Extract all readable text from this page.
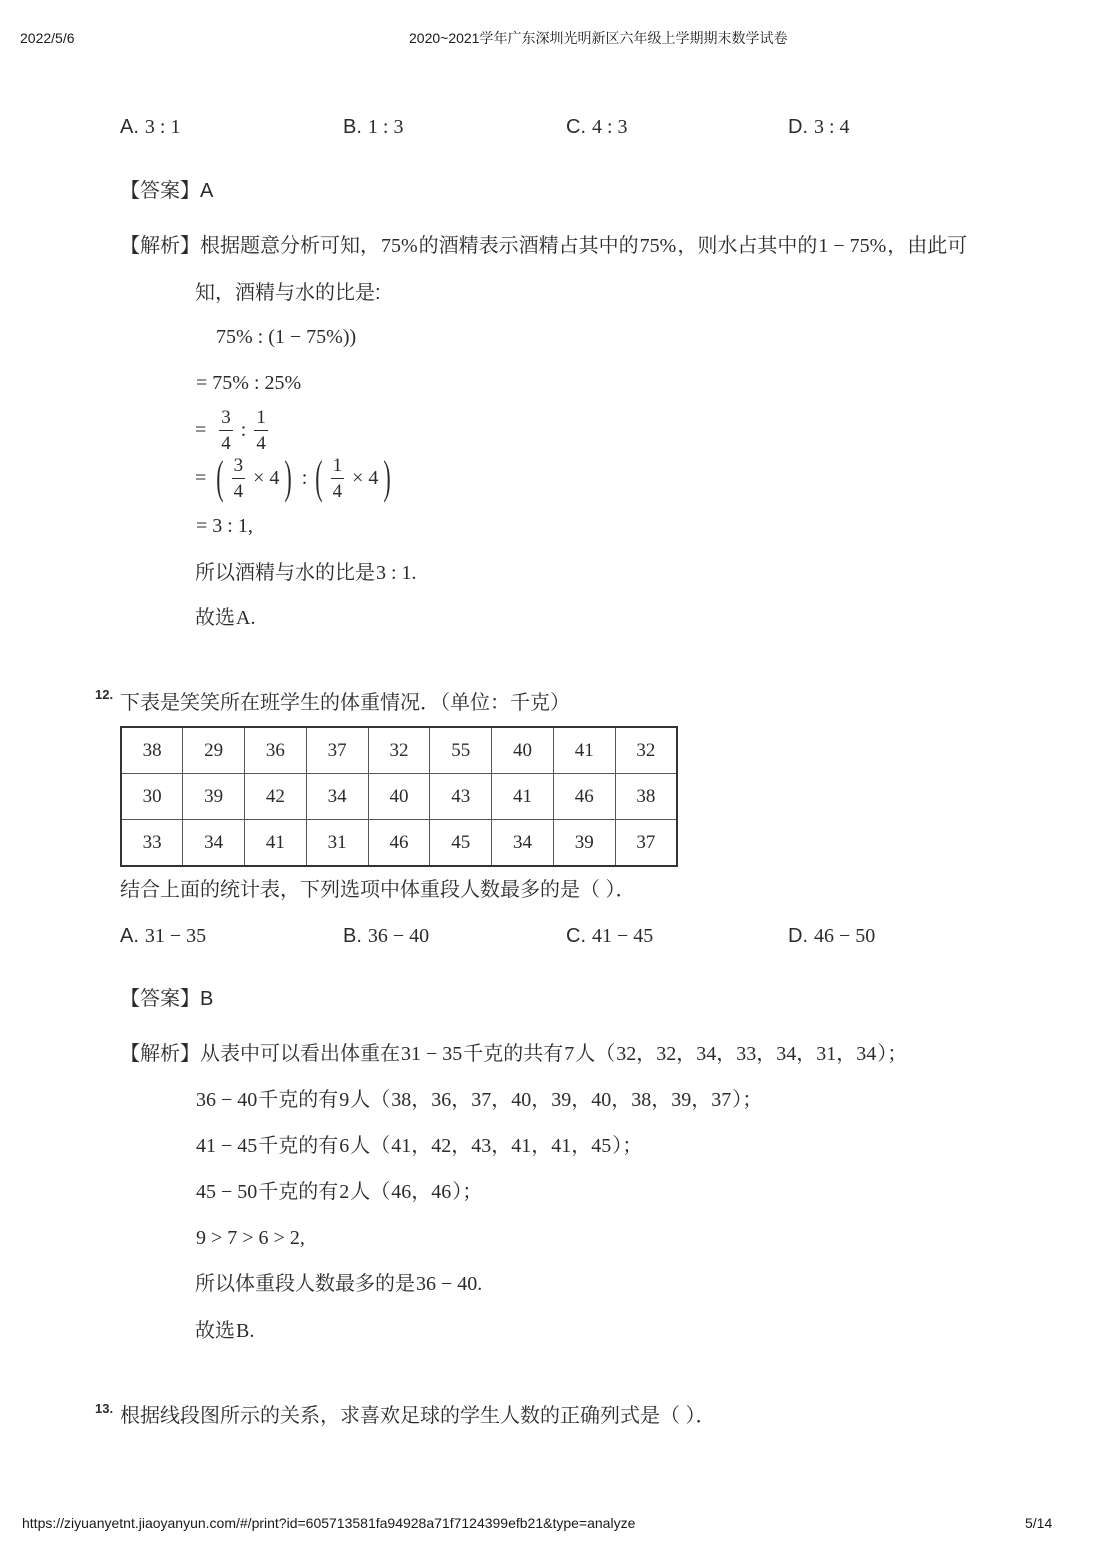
2022/5/6	2020~2021学年广东深圳光明新区六年级上学期期末数学试卷
A. 3 : 1	B. 1 : 3	C. 4 : 3	D. 3 : 4
【答案】A
【解析】根据题意分析可知，75%的酒精表示酒精占其中的75%，则水占其中的1 − 75%，由此可
知，酒精与水的比是:
75% : (1 − 75%))
= 75% : 25%
= $\frac{3}{4}$ : $\frac{1}{4}$
= ( $\frac{3}{4} \times 4$ ) : ( $\frac{1}{4} \times 4$ )
= 3 : 1,
所以酒精与水的比是3 : 1.
故选A.
12. 下表是笑笑所在班学生的体重情况．（单位：千克）
38	29	36	37	32	55	40	41	32
30	39	42	34	40	43	41	46	38
33	34	41	31	46	45	34	39	37
结合上面的统计表，下列选项中体重段人数最多的是（ ）．
A. 31 − 35	B. 36 − 40	C. 41 − 45	D. 46 − 50
【答案】B
【解析】从表中可以看出体重在31 − 35千克的共有7人（32，32，34，33，34，31，34）；
36 − 40千克的有9人（38，36，37，40，39，40，38，39，37）；
41 − 45千克的有6人（41，42，43，41，41，45）；
45 − 50千克的有2人（46，46）；
9 > 7 > 6 > 2,
所以体重段人数最多的是36 − 40.
故选B.
13. 根据线段图所示的关系，求喜欢足球的学生人数的正确列式是（ ）．
https://ziyuanyetnt.jiaoyanyun.com/#/print?id=605713581fa94928a71f7124399efb21&type=analyze	5/14
